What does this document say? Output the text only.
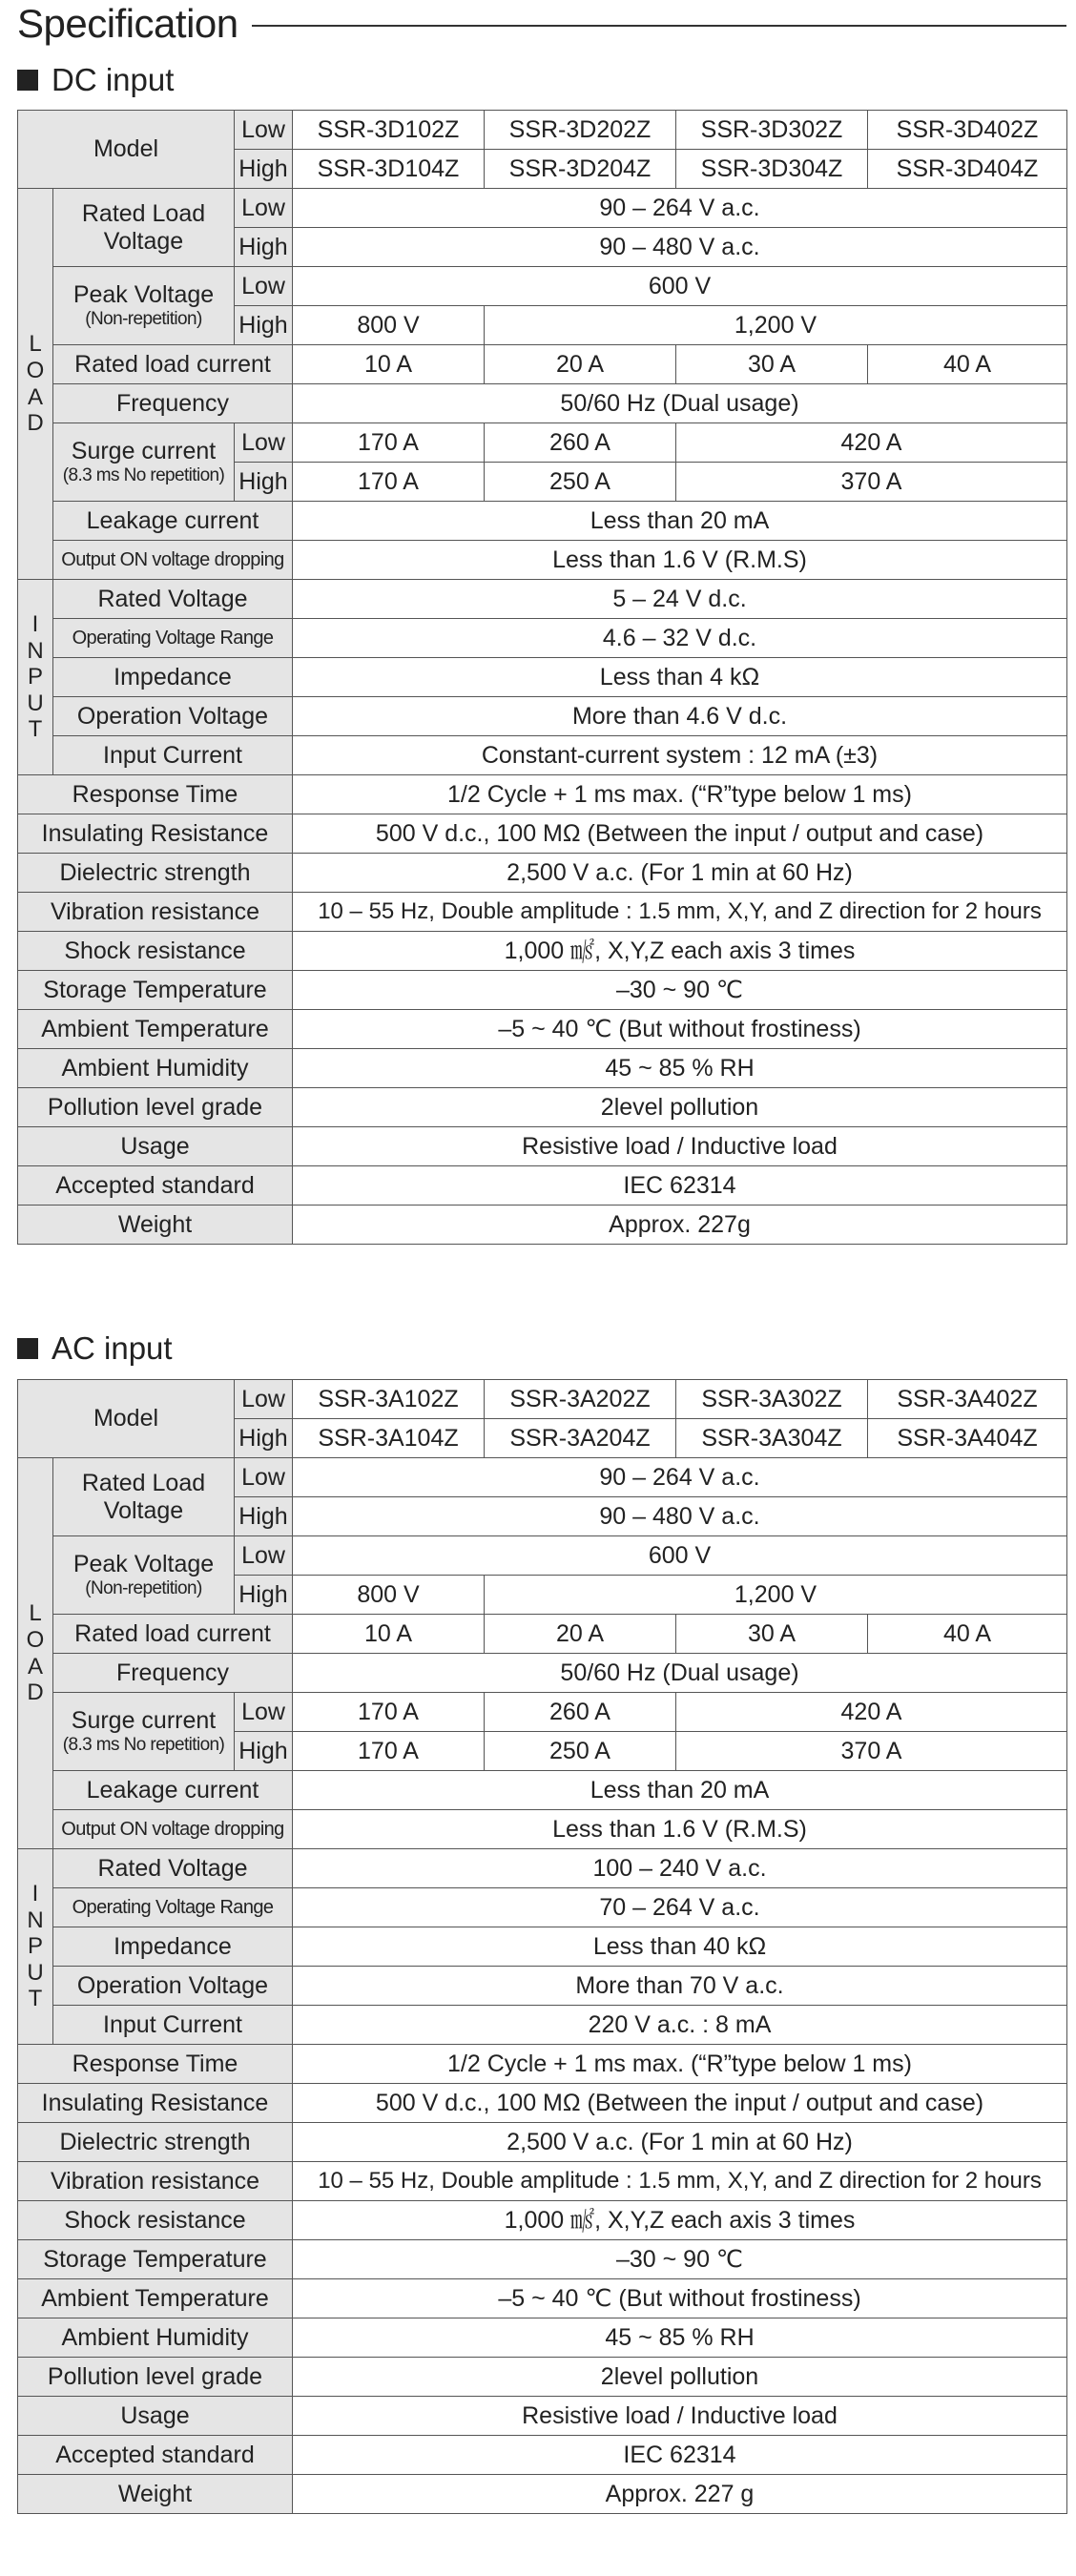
Specification
DC input
Model	Low	SSR-3D102Z	SSR-3D202Z	SSR-3D302Z	SSR-3D402Z
High	SSR-3D104Z	SSR-3D204Z	SSR-3D304Z	SSR-3D404Z

L
O
A
D

Rated Load
Voltage
	Low	90 – 264 V a.c.
High	90 – 480 V a.c.

Peak Voltage
(Non-repetition)
	Low	600 V
High	800 V	1,200 V
Rated load current	10 A	20 A	30 A	40 A
Frequency	50/60 Hz (Dual usage)

Surge current
(8.3 ms No repetition)
	Low	170 A	260 A	420 A
High	170 A	250 A	370 A
Leakage current	Less than 20 mA
Output ON voltage dropping	Less than 1.6 V (R.M.S)

I
N
P
U
T
	Rated Voltage	5 – 24 V d.c.
Operating Voltage Range	4.6 – 32 V d.c.
Impedance	Less than 4 kΩ
Operation Voltage	More than 4.6 V d.c.
Input Current	Constant-current system : 12 mA (±3)
Response Time	1/2 Cycle + 1 ms max. (“R”type below 1 ms)
Insulating Resistance	500 V d.c., 100 MΩ (Between the input / output and case)
Dielectric strength	2,500 V a.c. (For 1 min at 60 Hz)
Vibration resistance	10 – 55 Hz, Double amplitude : 1.5 mm, X,Y, and Z direction for 2 hours
Shock resistance	1,000 ㎨, X,Y,Z each axis 3 times
Storage Temperature	–30 ~ 90 ℃
Ambient Temperature	–5 ~ 40 ℃ (But without frostiness)
Ambient Humidity	45 ~ 85 % RH
Pollution level grade	2level pollution
Usage	Resistive load / Inductive load
Accepted standard	IEC 62314
Weight	Approx. 227g
AC input
Model	Low	SSR-3A102Z	SSR-3A202Z	SSR-3A302Z	SSR-3A402Z
High	SSR-3A104Z	SSR-3A204Z	SSR-3A304Z	SSR-3A404Z

L
O
A
D

Rated Load
Voltage
	Low	90 – 264 V a.c.
High	90 – 480 V a.c.

Peak Voltage
(Non-repetition)
	Low	600 V
High	800 V	1,200 V
Rated load current	10 A	20 A	30 A	40 A
Frequency	50/60 Hz (Dual usage)

Surge current
(8.3 ms No repetition)
	Low	170 A	260 A	420 A
High	170 A	250 A	370 A
Leakage current	Less than 20 mA
Output ON voltage dropping	Less than 1.6 V (R.M.S)

I
N
P
U
T
	Rated Voltage	100 – 240 V a.c.
Operating Voltage Range	70 – 264 V a.c.
Impedance	Less than 40 kΩ
Operation Voltage	More than 70 V a.c.
Input Current	220 V a.c. : 8 mA
Response Time	1/2 Cycle + 1 ms max. (“R”type below 1 ms)
Insulating Resistance	500 V d.c., 100 MΩ (Between the input / output and case)
Dielectric strength	2,500 V a.c. (For 1 min at 60 Hz)
Vibration resistance	10 – 55 Hz, Double amplitude : 1.5 mm, X,Y, and Z direction for 2 hours
Shock resistance	1,000 ㎨, X,Y,Z each axis 3 times
Storage Temperature	–30 ~ 90 ℃
Ambient Temperature	–5 ~ 40 ℃ (But without frostiness)
Ambient Humidity	45 ~ 85 % RH
Pollution level grade	2level pollution
Usage	Resistive load / Inductive load
Accepted standard	IEC 62314
Weight	Approx. 227 g
